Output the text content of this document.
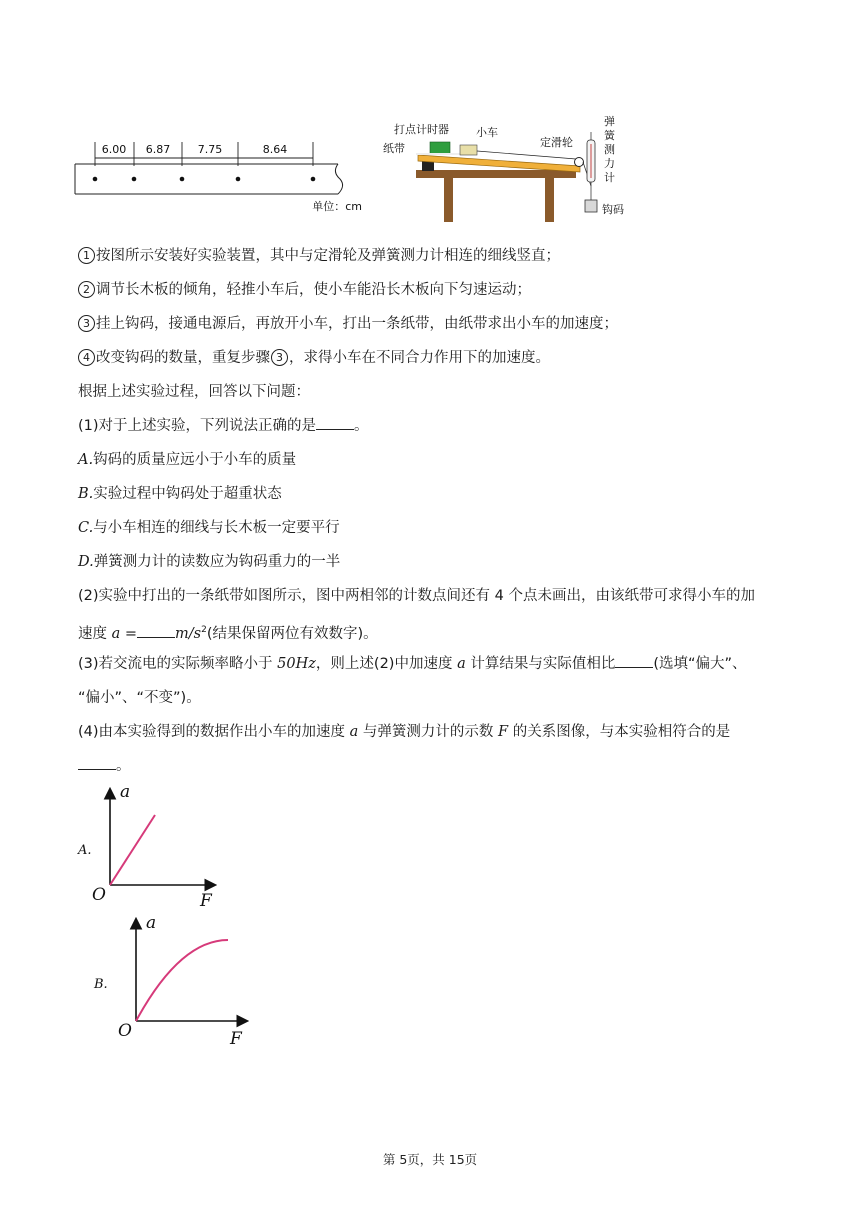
6.00 6.87	7.75	8.64
单位：cm
打点计时器 小车
纸带	定滑轮
弹
簧
测
力
计
钩码
1 按图所示安装好实验装置，其中与定滑轮及弹簧测力计相连的细线竖直；
2 调节长木板的倾角，轻推小车后，使小车能沿长木板向下匀速运动；
3 挂上钩码，接通电源后，再放开小车，打出一条纸带，由纸带求出小车的加速度；
4 改变钩码的数量，重复步骤 3 ，求得小车在不同合力作用下的加速度。
根据上述实验过程，回答以下问题：
(1)对于上述实验，下列说法正确的是	。
A.钩码的质量应远小于小车的质量
B.实验过程中钩码处于超重状态
C.与小车相连的细线与长木板一定要平行
D.弹簧测力计的读数应为钩码重力的一半
(2)实验中打出的一条纸带如图所示，图中两相邻的计数点间还有 4 个点未画出，由该纸带可求得小车的加
速度 a =	$m/s^2$(结果保留两位有效数字)。
(3)若交流电的实际频率略小于 50Hz，则上述(2)中加速度 a 计算结果与实际值相比	(选填“偏大”、
“偏小”、“不变”)。
(4)由本实验得到的数据作出小车的加速度 a 与弹簧测力计的示数 F 的关系图像，与本实验相符合的是
。
A.
a
F
O
B.
a
F
O
第 5页，共 15页
